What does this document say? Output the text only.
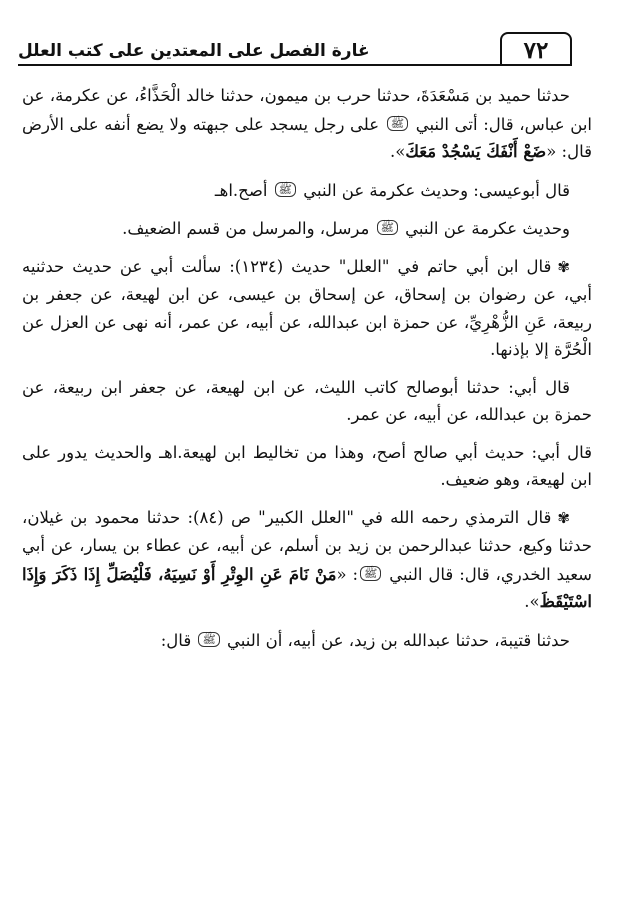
٧٢
غارة الفصل على المعتدين على كتب العلل

حدثنا حميد بن مَسْعَدَةَ، حدثنا حرب بن ميمون، حدثنا خالد الْحَذَّاءُ، عن عكرمة، عن ابن عباس، قال: أتى النبي ﷺ على رجل يسجد على جبهته ولا يضع أنفه على الأرض قال: «ضَعْ أَنْفَكَ يَسْجُدْ مَعَكَ».

قال أبوعيسى: وحديث عكرمة عن النبي ﷺ أصح.اهـ

وحديث عكرمة عن النبي ﷺ مرسل، والمرسل من قسم الضعيف.

✾قال ابن أبي حاتم في "العلل" حديث (١٢٣٤): سألت أبي عن حديث حدثنيه أبي، عن رضوان بن إسحاق، عن إسحاق بن عيسى، عن ابن لهيعة، عن جعفر بن ربيعة، عَنِ الزُّهْرِيِّ، عن حمزة ابن عبدالله، عن أبيه، عن عمر، أنه نهى عن العزل عن الْحُرَّة إلا بإذنها.

قال أبي: حدثنا أبوصالح كاتب الليث، عن ابن لهيعة، عن جعفر ابن ربيعة، عن حمزة بن عبدالله، عن أبيه، عن عمر.

قال أبي: حديث أبي صالح أصح، وهذا من تخاليط ابن لهيعة.اهـ والحديث يدور على ابن لهيعة، وهو ضعيف.

✾قال الترمذي رحمه الله في "العلل الكبير" ص (٨٤): حدثنا محمود بن غيلان، حدثنا وكيع، حدثنا عبدالرحمن بن زيد بن أسلم، عن أبيه، عن عطاء بن يسار، عن أبي سعيد الخدري، قال: قال النبي ﷺ: «مَنْ نَامَ عَنِ الوِتْرِ أَوْ نَسِيَهُ، فَلْيُصَلِّ إِذَا ذَكَرَ وَإِذَا اسْتَيْقَظَ».

حدثنا قتيبة، حدثنا عبدالله بن زيد، عن أبيه، أن النبي ﷺ قال:
